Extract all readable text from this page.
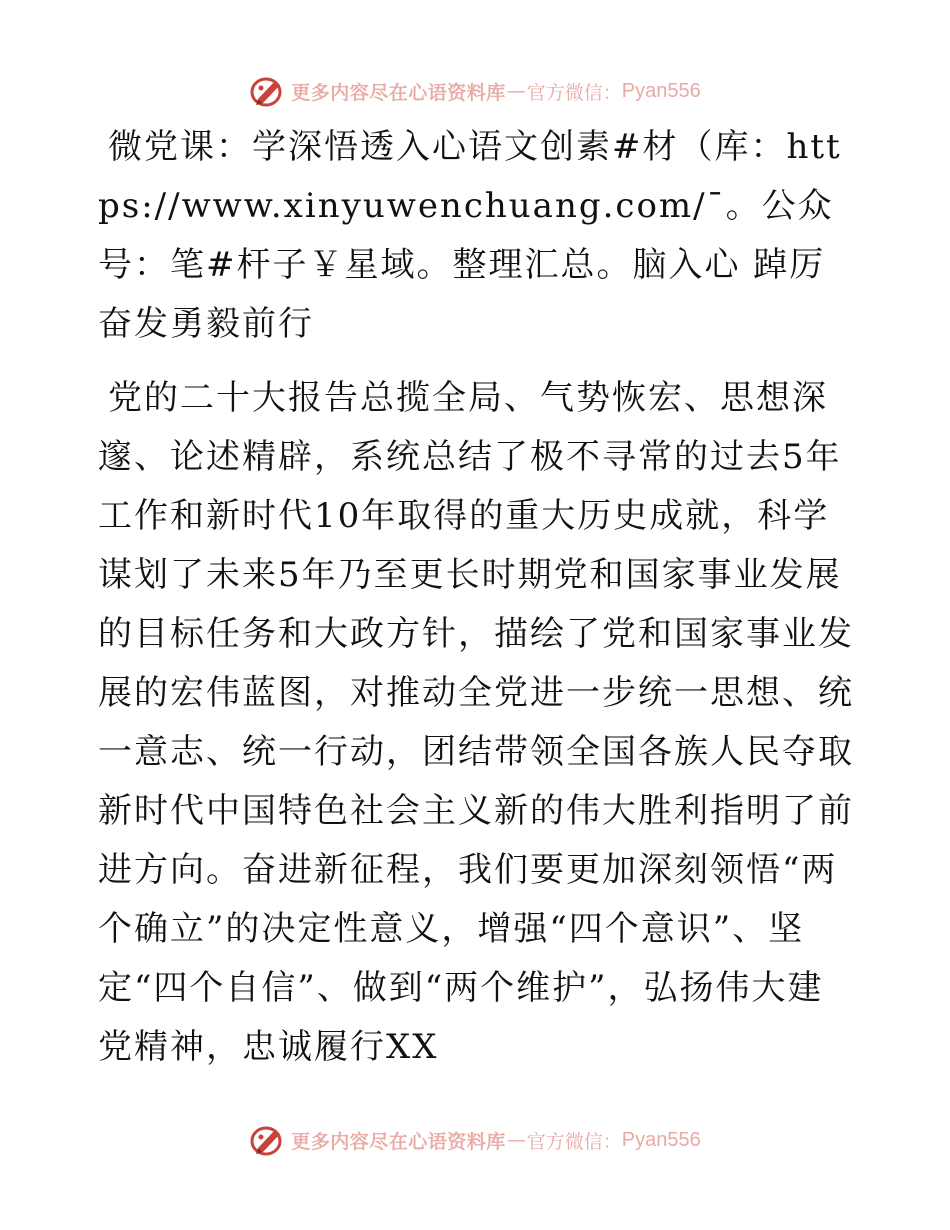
更多内容尽在心语资料库 — 官方微信： Pyan556

微党课：学深悟透入心语文创素#材（库：https://www.xinyuwenchuang.com/¯。公众号：笔#杆子￥星域。整理汇总。脑入心 踔厉奋发勇毅前行

党的二十大报告总揽全局、气势恢宏、思想深邃、论述精辟，系统总结了极不寻常的过去5年工作和新时代10年取得的重大历史成就，科学谋划了未来5年乃至更长时期党和国家事业发展的目标任务和大政方针，描绘了党和国家事业发展的宏伟蓝图，对推动全党进一步统一思想、统一意志、统一行动，团结带领全国各族人民夺取新时代中国特色社会主义新的伟大胜利指明了前进方向。奋进新征程，我们要更加深刻领悟“两个确立”的决定性意义，增强“四个意识”、坚定“四个自信”、做到“两个维护”，弘扬伟大建党精神，忠诚履行XX

更多内容尽在心语资料库 — 官方微信： Pyan556
